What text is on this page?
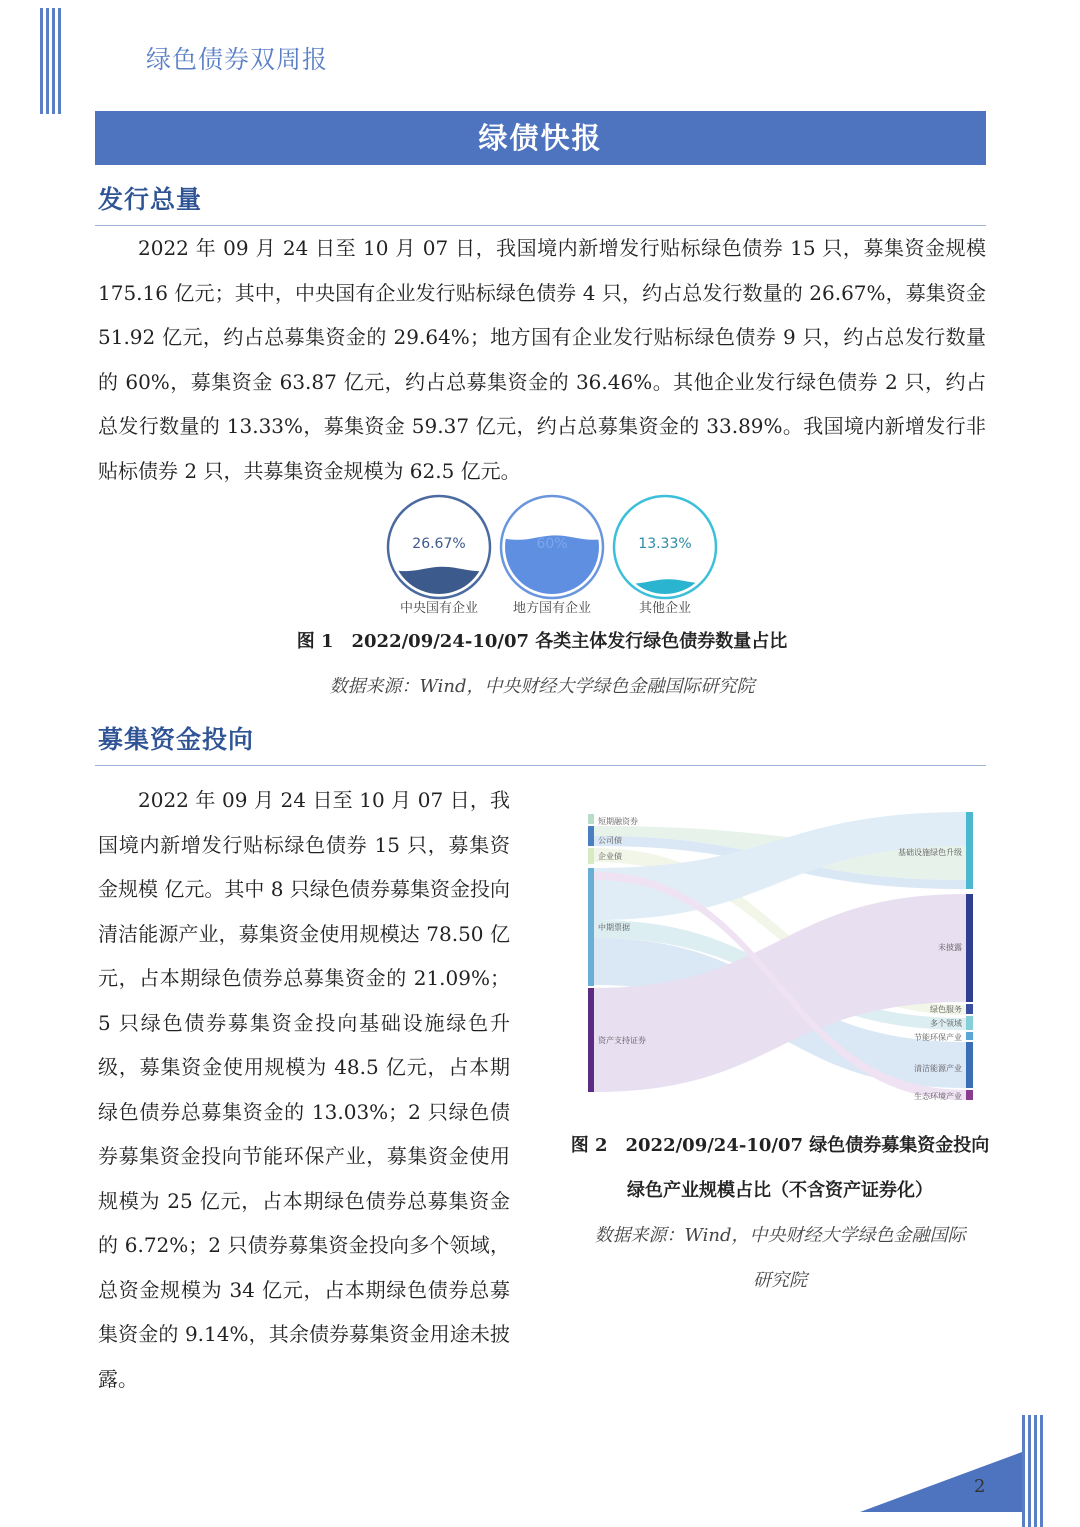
绿色债券双周报
绿债快报
发行总量

2022 年 09 月 24 日至 10 月 07 日，我国境内新增发行贴标绿色债券 15 只，募集资金规模 175.16 亿元；其中，中央国有企业发行贴标绿色债券 4 只，约占总发行数量的 26.67%，募集资金 51.92 亿元，约占总募集资金的 29.64%；地方国有企业发行贴标绿色债券 9 只，约占总发行数量的 60%，募集资金 63.87 亿元，约占总募集资金的 36.46%。其他企业发行绿色债券 2 只，约占总发行数量的 13.33%，募集资金 59.37 亿元，约占总募集资金的 33.89%。我国境内新增发行非贴标债券 2 只，共募集资金规模为 62.5 亿元。

26.67%
中央国有企业
60%
地方国有企业
13.33%
其他企业
图 1　2022/09/24-10/07 各类主体发行绿色债券数量占比
数据来源：Wind，中央财经大学绿色金融国际研究院
募集资金投向

2022 年 09 月 24 日至 10 月 07 日，我国境内新增发行贴标绿色债券 15 只，募集资金规模 亿元。其中 8 只绿色债券募集资金投向清洁能源产业，募集资金使用规模达 78.50 亿元，占本期绿色债券总募集资金的 21.09%；5 只绿色债券募集资金投向基础设施绿色升级，募集资金使用规模为 48.5 亿元，占本期绿色债券总募集资金的 13.03%；2 只绿色债券募集资金投向节能环保产业，募集资金使用规模为 25 亿元，占本期绿色债券总募集资金的 6.72%；2 只债券募集资金投向多个领域，总资金规模为 34 亿元，占本期绿色债券总募集资金的 9.14%，其余债券募集资金用途未披露。

短期融资券
公司债
企业债
中期票据
资产支持证券
基础设施绿色升级
未披露
绿色服务
多个领域
节能环保产业
清洁能源产业
生态环境产业
图 2　2022/09/24-10/07 绿色债券募集资金投向
绿色产业规模占比（不含资产证券化）
数据来源：Wind，中央财经大学绿色金融国际
研究院
2
